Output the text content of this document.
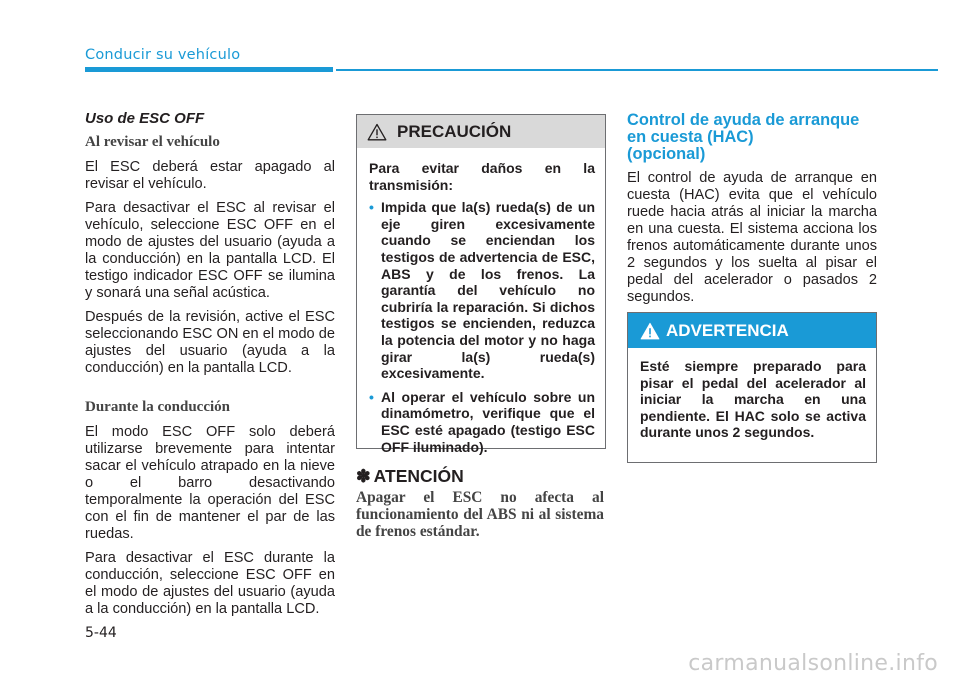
Conducir su vehículo
Uso de ESC OFF
Al revisar el vehículo

El ESC deberá estar apagado al revisar el vehículo.

Para desactivar el ESC al revisar el vehículo, seleccione ESC OFF en el modo de ajustes del usuario (ayuda a la conducción) en la pantalla LCD. El testigo indicador ESC OFF se ilumina y sonará una señal acústica.

Después de la revisión, active el ESC seleccionando ESC ON en el modo de ajustes del usuario (ayuda a la conducción) en la pantalla LCD.

Durante la conducción

El modo ESC OFF solo deberá utilizarse brevemente para intentar sacar el vehículo atrapado en la nieve o el barro desactivando temporalmente la operación del ESC con el fin de mantener el par de las ruedas.

Para desactivar el ESC durante la conducción, seleccione ESC OFF en el modo de ajustes del usuario (ayuda a la conducción) en la pantalla LCD.

PRECAUCIÓN

Para evitar daños en la transmisión:

• Impida que la(s) rueda(s) de un eje giren excesivamente cuando se enciendan los testigos de advertencia de ESC, ABS y de los frenos. La garantía del vehículo no cubriría la reparación. Si dichos testigos se encienden, reduzca la potencia del motor y no haga girar la(s) rueda(s) excesivamente.
• Al operar el vehículo sobre un dinamómetro, verifique que el ESC esté apagado (testigo ESC OFF iluminado).
✽ ATENCIÓN

Apagar el ESC no afecta al funcionamiento del ABS ni al sistema de frenos estándar.

Control de ayuda de arranque
en cuesta (HAC)
(opcional)

El control de ayuda de arranque en cuesta (HAC) evita que el vehículo ruede hacia atrás al iniciar la marcha en una cuesta. El sistema acciona los frenos automáticamente durante unos 2 segundos y los suelta al pisar el pedal del acelerador o pasados 2 segundos.

ADVERTENCIA

Esté siempre preparado para pisar el pedal del acelerador al iniciar la marcha en una pendiente. El HAC solo se activa durante unos 2 segundos.

5-44
carmanualsonline.info
